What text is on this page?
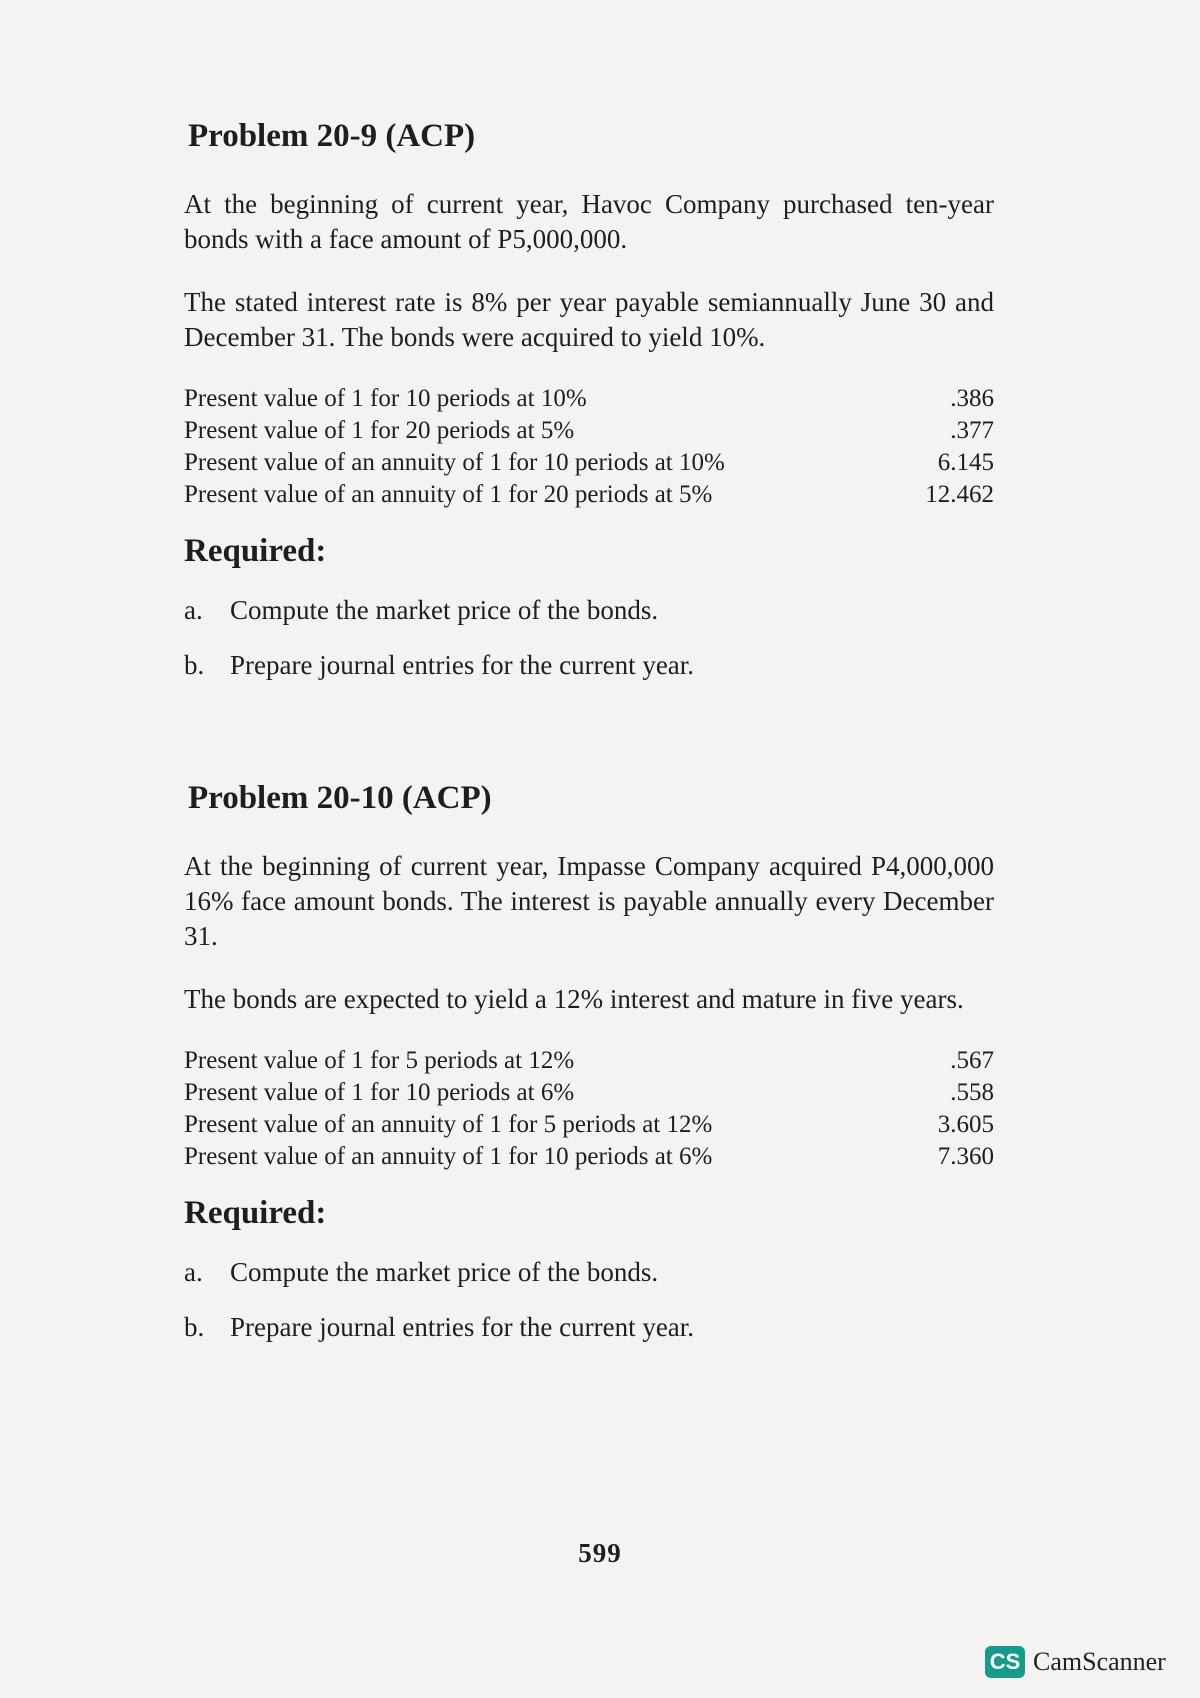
Problem 20-9 (ACP)

At the beginning of current year, Havoc Company purchased ten-year bonds with a face amount of P5,000,000.

The stated interest rate is 8% per year payable semiannually June 30 and December 31. The bonds were acquired to yield 10%.

Present value of 1 for 10 periods at 10%	.386
Present value of 1 for 20 periods at 5%	.377
Present value of an annuity of 1 for 10 periods at 10%	6.145
Present value of an annuity of 1 for 20 periods at 5%	12.462
Required:
a.	Compute the market price of the bonds.
b. Prepare journal entries for the current year.
Problem 20-10 (ACP)

At the beginning of current year, Impasse Company acquired P4,000,000 16% face amount bonds. The interest is payable annually every December 31.

The bonds are expected to yield a 12% interest and mature in five years.

Present value of 1 for 5 periods at 12%	.567
Present value of 1 for 10 periods at 6%	.558
Present value of an annuity of 1 for 5 periods at 12%	3.605
Present value of an annuity of 1 for 10 periods at 6%	7.360
Required:
a.	Compute the market price of the bonds.
b. Prepare journal entries for the current year.
599
CS CamScanner
